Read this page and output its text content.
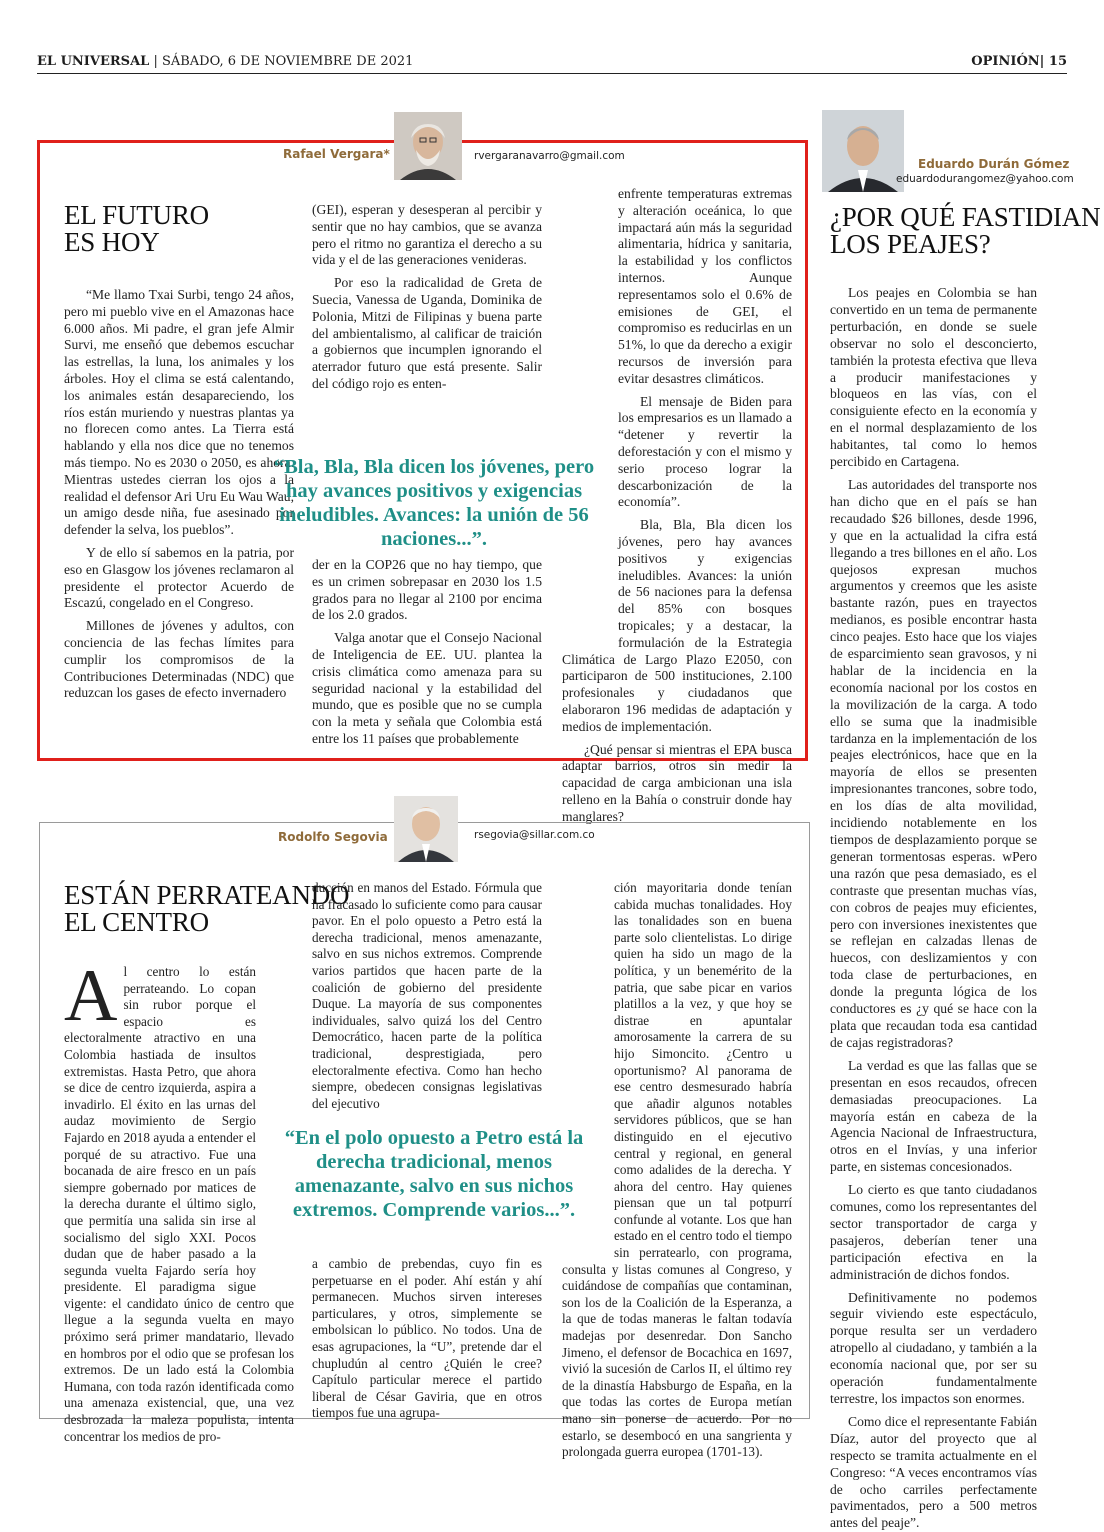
EL UNIVERSAL | SÁBADO, 6 DE NOVIEMBRE DE 2021	OPINIÓN| 15
Rafael Vergara*	rvergaranavarro@gmail.com
EL FUTURO
ES HOY

“Me llamo Txai Surbi, tengo 24 años, pero mi pueblo vive en el Amazonas hace 6.000 años. Mi padre, el gran jefe Almir Survi, me enseñó que debemos escuchar las estrellas, la luna, los animales y los árboles. Hoy el clima se está calentando, los animales están desapareciendo, los ríos están muriendo y nuestras plantas ya no florecen como antes. La Tierra está hablando y ella nos dice que no tenemos más tiempo. No es 2030 o 2050, es ahora. Mientras ustedes cierran los ojos a la realidad el defensor Ari Uru Eu Wau Wau, un amigo desde niña, fue asesinado por defender la selva, los pueblos”.

Y de ello sí sabemos en la patria, por eso en Glasgow los jóvenes reclamaron al presidente el protector Acuerdo de Escazú, congelado en el Congreso.

Millones de jóvenes y adultos, con conciencia de las fechas límites para cumplir los compromisos de la Contribuciones Determinadas (NDC) que reduzcan los gases de efecto invernadero

(GEI), esperan y desesperan al percibir y sentir que no hay cambios, que se avanza pero el ritmo no garantiza el derecho a su vida y el de las generaciones venideras.

Por eso la radicalidad de Greta de Suecia, Vanessa de Uganda, Dominika de Polonia, Mitzi de Filipinas y buena parte del ambientalismo, al calificar de traición a gobiernos que incumplen ignorando el aterrador futuro que está presente. Salir del código rojo es enten-

“Bla, Bla, Bla dicen los jóvenes, pero hay avances positivos y exigencias ineludibles. Avances: la unión de 56 naciones...”.

der en la COP26 que no hay tiempo, que es un crimen sobrepasar en 2030 los 1.5 grados para no llegar al 2100 por encima de los 2.0 grados.

Valga anotar que el Consejo Nacional de Inteligencia de EE. UU. plantea la crisis climática como amenaza para su seguridad nacional y la estabilidad del mundo, que es posible que no se cumpla con la meta y señala que Colombia está entre los 11 países que probablemente

enfrente temperaturas extremas y alteración oceánica, lo que impactará aún más la seguridad alimentaria, hídrica y sanitaria, la estabilidad y los conflictos internos. Aunque representamos solo el 0.6% de emisiones de GEI, el compromiso es reducirlas en un 51%, lo que da derecho a exigir recursos de inversión para evitar desastres climáticos.

El mensaje de Biden para los empresarios es un llamado a “detener y revertir la deforestación y con el mismo y serio proceso lograr la descarbonización de la economía”.

Bla, Bla, Bla dicen los jóvenes, pero hay avances positivos y exigencias ineludibles. Avances: la unión de 56 naciones para la defensa del 85% con bosques tropicales; y a destacar, la formulación de la Estrategia Climática de Largo Plazo E2050, con participaron de 500 instituciones, 2.100 profesionales y ciudadanos que elaboraron 196 medidas de adaptación y medios de implementación.

¿Qué pensar si mientras el EPA busca adaptar barrios, otros sin medir la capacidad de carga ambicionan una isla relleno en la Bahía o construir donde hay manglares?

Rodolfo Segovia	rsegovia@sillar.com.co
ESTÁN PERRATEANDO
EL CENTRO
A l centro lo están perrateando. Lo copan sin rubor porque el espacio es electoralmente atractivo en una Colombia hastiada de insultos extremistas. Hasta Petro, que ahora se dice de centro izquierda, aspira a invadirlo. El éxito en las urnas del audaz movimiento de Sergio Fajardo en 2018 ayuda a entender el porqué de su atractivo. Fue una bocanada de aire fresco en un país siempre gobernado por matices de la derecha durante el último siglo, que permitía una salida sin irse al socialismo del siglo XXI. Pocos dudan que de haber pasado a la segunda vuelta Fajardo sería hoy presidente. El paradigma sigue vigente: el candidato único de centro que llegue a la segunda vuelta en mayo próximo será primer mandatario, llevado en hombros por el odio que se profesan los extremos. De un lado está la Colombia Humana, con toda razón identificada como una amenaza existencial, que, una vez desbrozada la maleza populista, intenta concentrar los medios de pro-

ducción en manos del Estado. Fórmula que ha fracasado lo suficiente como para causar pavor. En el polo opuesto a Petro está la derecha tradicional, menos amenazante, salvo en sus nichos extremos. Comprende varios partidos que hacen parte de la coalición de gobierno del presidente Duque. La mayoría de sus componentes individuales, salvo quizá los del Centro Democrático, hacen parte de la política tradicional, desprestigiada, pero electoralmente efectiva. Como han hecho siempre, obedecen consignas legislativas del ejecutivo

“En el polo opuesto a Petro está la derecha tradicional, menos amenazante, salvo en sus nichos extremos. Comprende varios...”.

a cambio de prebendas, cuyo fin es perpetuarse en el poder. Ahí están y ahí permanecen. Muchos sirven intereses particulares, y otros, simplemente se embolsican lo público. No todos. Una de esas agrupaciones, la “U”, pretende dar el chupludún al centro ¿Quién le cree? Capítulo particular merece el partido liberal de César Gaviria, que en otros tiempos fue una agrupa-

ción mayoritaria donde tenían cabida muchas tonalidades. Hoy las tonalidades son en buena parte solo clientelistas. Lo dirige quien ha sido un mago de la política, y un benemérito de la patria, que sabe picar en varios platillos a la vez, y que hoy se distrae en apuntalar amorosamente la carrera de su hijo Simoncito. ¿Centro u oportunismo? Al panorama de ese centro desmesurado habría que añadir algunos notables servidores públicos, que se han distinguido en el ejecutivo central y regional, en general como adalides de la derecha. Y ahora del centro. Hay quienes piensan que un tal potpurrí confunde al votante. Los que han estado en el centro todo el tiempo sin perratearlo, con programa, consulta y listas comunes al Congreso, y cuidándose de compañías que contaminan, son los de la Coalición de la Esperanza, a la que de todas maneras le faltan todavía madejas por desenredar. Don Sancho Jimeno, el defensor de Bocachica en 1697, vivió la sucesión de Carlos II, el último rey de la dinastía Habsburgo de España, en la que todas las cortes de Europa metían mano sin ponerse de acuerdo. Por no estarlo, se desembocó en una sangrienta y prolongada guerra europea (1701-13).

Eduardo Durán Gómez
eduardodurangomez@yahoo.com
¿POR QUÉ FASTIDIAN
LOS PEAJES?

Los peajes en Colombia se han convertido en un tema de permanente perturbación, en donde se suele observar no solo el desconcierto, también la protesta efectiva que lleva a producir manifestaciones y bloqueos en las vías, con el consiguiente efecto en la economía y en el normal desplazamiento de los habitantes, tal como lo hemos percibido en Cartagena.

Las autoridades del transporte nos han dicho que en el país se han recaudado $26 billones, desde 1996, y que en la actualidad la cifra está llegando a tres billones en el año. Los quejosos expresan muchos argumentos y creemos que les asiste bastante razón, pues en trayectos medianos, es posible encontrar hasta cinco peajes. Esto hace que los viajes de esparcimiento sean gravosos, y ni hablar de la incidencia en la economía nacional por los costos en la movilización de la carga. A todo ello se suma que la inadmisible tardanza en la implementación de los peajes electrónicos, hace que en la mayoría de ellos se presenten impresionantes trancones, sobre todo, en los días de alta movilidad, incidiendo notablemente en los tiempos de desplazamiento porque se generan tormentosas esperas. wPero una razón que pesa demasiado, es el contraste que presentan muchas vías, con cobros de peajes muy eficientes, pero con inversiones inexistentes que se reflejan en calzadas llenas de huecos, con deslizamientos y con toda clase de perturbaciones, en donde la pregunta lógica de los conductores es ¿y qué se hace con la plata que recaudan toda esa cantidad de cajas registradoras?

La verdad es que las fallas que se presentan en esos recaudos, ofrecen demasiadas preocupaciones. La mayoría están en cabeza de la Agencia Nacional de Infraestructura, otros en el Invías, y una inferior parte, en sistemas concesionados.

Lo cierto es que tanto ciudadanos comunes, como los representantes del sector transportador de carga y pasajeros, deberían tener una participación efectiva en la administración de dichos fondos.

Definitivamente no podemos seguir viviendo este espectáculo, porque resulta ser un verdadero atropello al ciudadano, y también a la economía nacional que, por ser su operación fundamentalmente terrestre, los impactos son enormes.

Como dice el representante Fabián Díaz, autor del proyecto que al respecto se tramita actualmente en el Congreso: “A veces encontramos vías de ocho carriles perfectamente pavimentados, pero a 500 metros antes del peaje”.
